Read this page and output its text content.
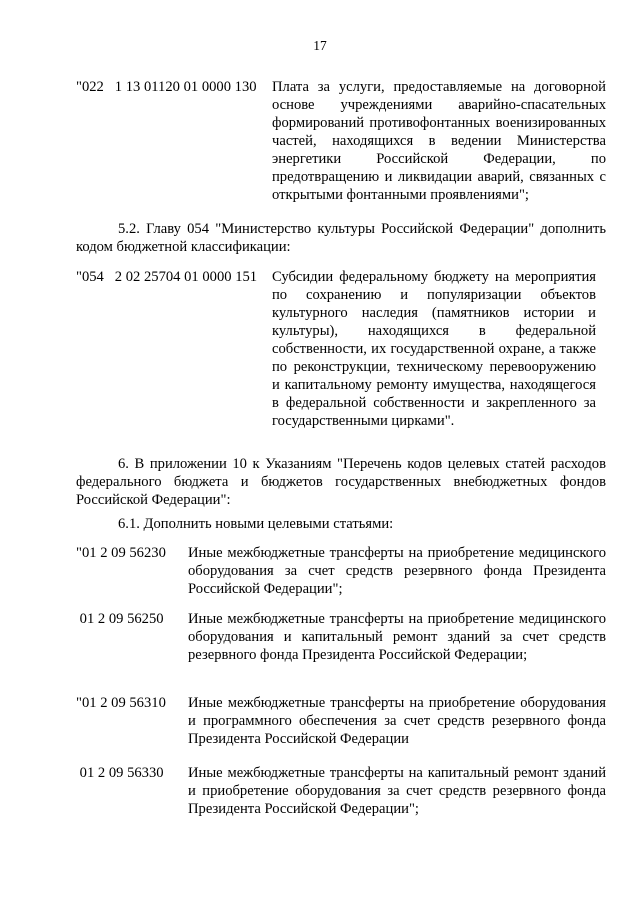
17
"022   1 13 01120 01 0000 130 Плата за услуги, предоставляемые на договорной основе учреждениями аварийно-спасательных формирований противофонтанных военизированных частей, находящихся в ведении Министерства энергетики Российской Федерации, по предотвращению и ликвидации аварий, связанных с открытыми фонтанными проявлениями";
5.2. Главу 054 "Министерство культуры Российской Федерации" дополнить кодом бюджетной классификации:
"054   2 02 25704 01 0000 151 Субсидии федеральному бюджету на мероприятия по сохранению и популяризации объектов культурного наследия (памятников истории и культуры), находящихся в федеральной собственности, их государственной охране, а также по реконструкции, техническому перевооружению и капитальному ремонту имущества, находящегося в федеральной собственности и закрепленного за государственными цирками".
6. В приложении 10 к Указаниям "Перечень кодов целевых статей расходов федерального бюджета и бюджетов государственных внебюджетных фондов Российской Федерации":
6.1. Дополнить новыми целевыми статьями:
"01 2 09 56230 Иные межбюджетные трансферты на приобретение медицинского оборудования за счет средств резервного фонда Президента Российской Федерации";
01 2 09 56250 Иные межбюджетные трансферты на приобретение медицинского оборудования и капитальный ремонт зданий за счет средств резервного фонда Президента Российской Федерации;
"01 2 09 56310 Иные межбюджетные трансферты на приобретение оборудования и программного обеспечения за счет средств резервного фонда Президента Российской Федерации
01 2 09 56330 Иные межбюджетные трансферты на капитальный ремонт зданий и приобретение оборудования за счет средств резервного фонда Президента Российской Федерации";
